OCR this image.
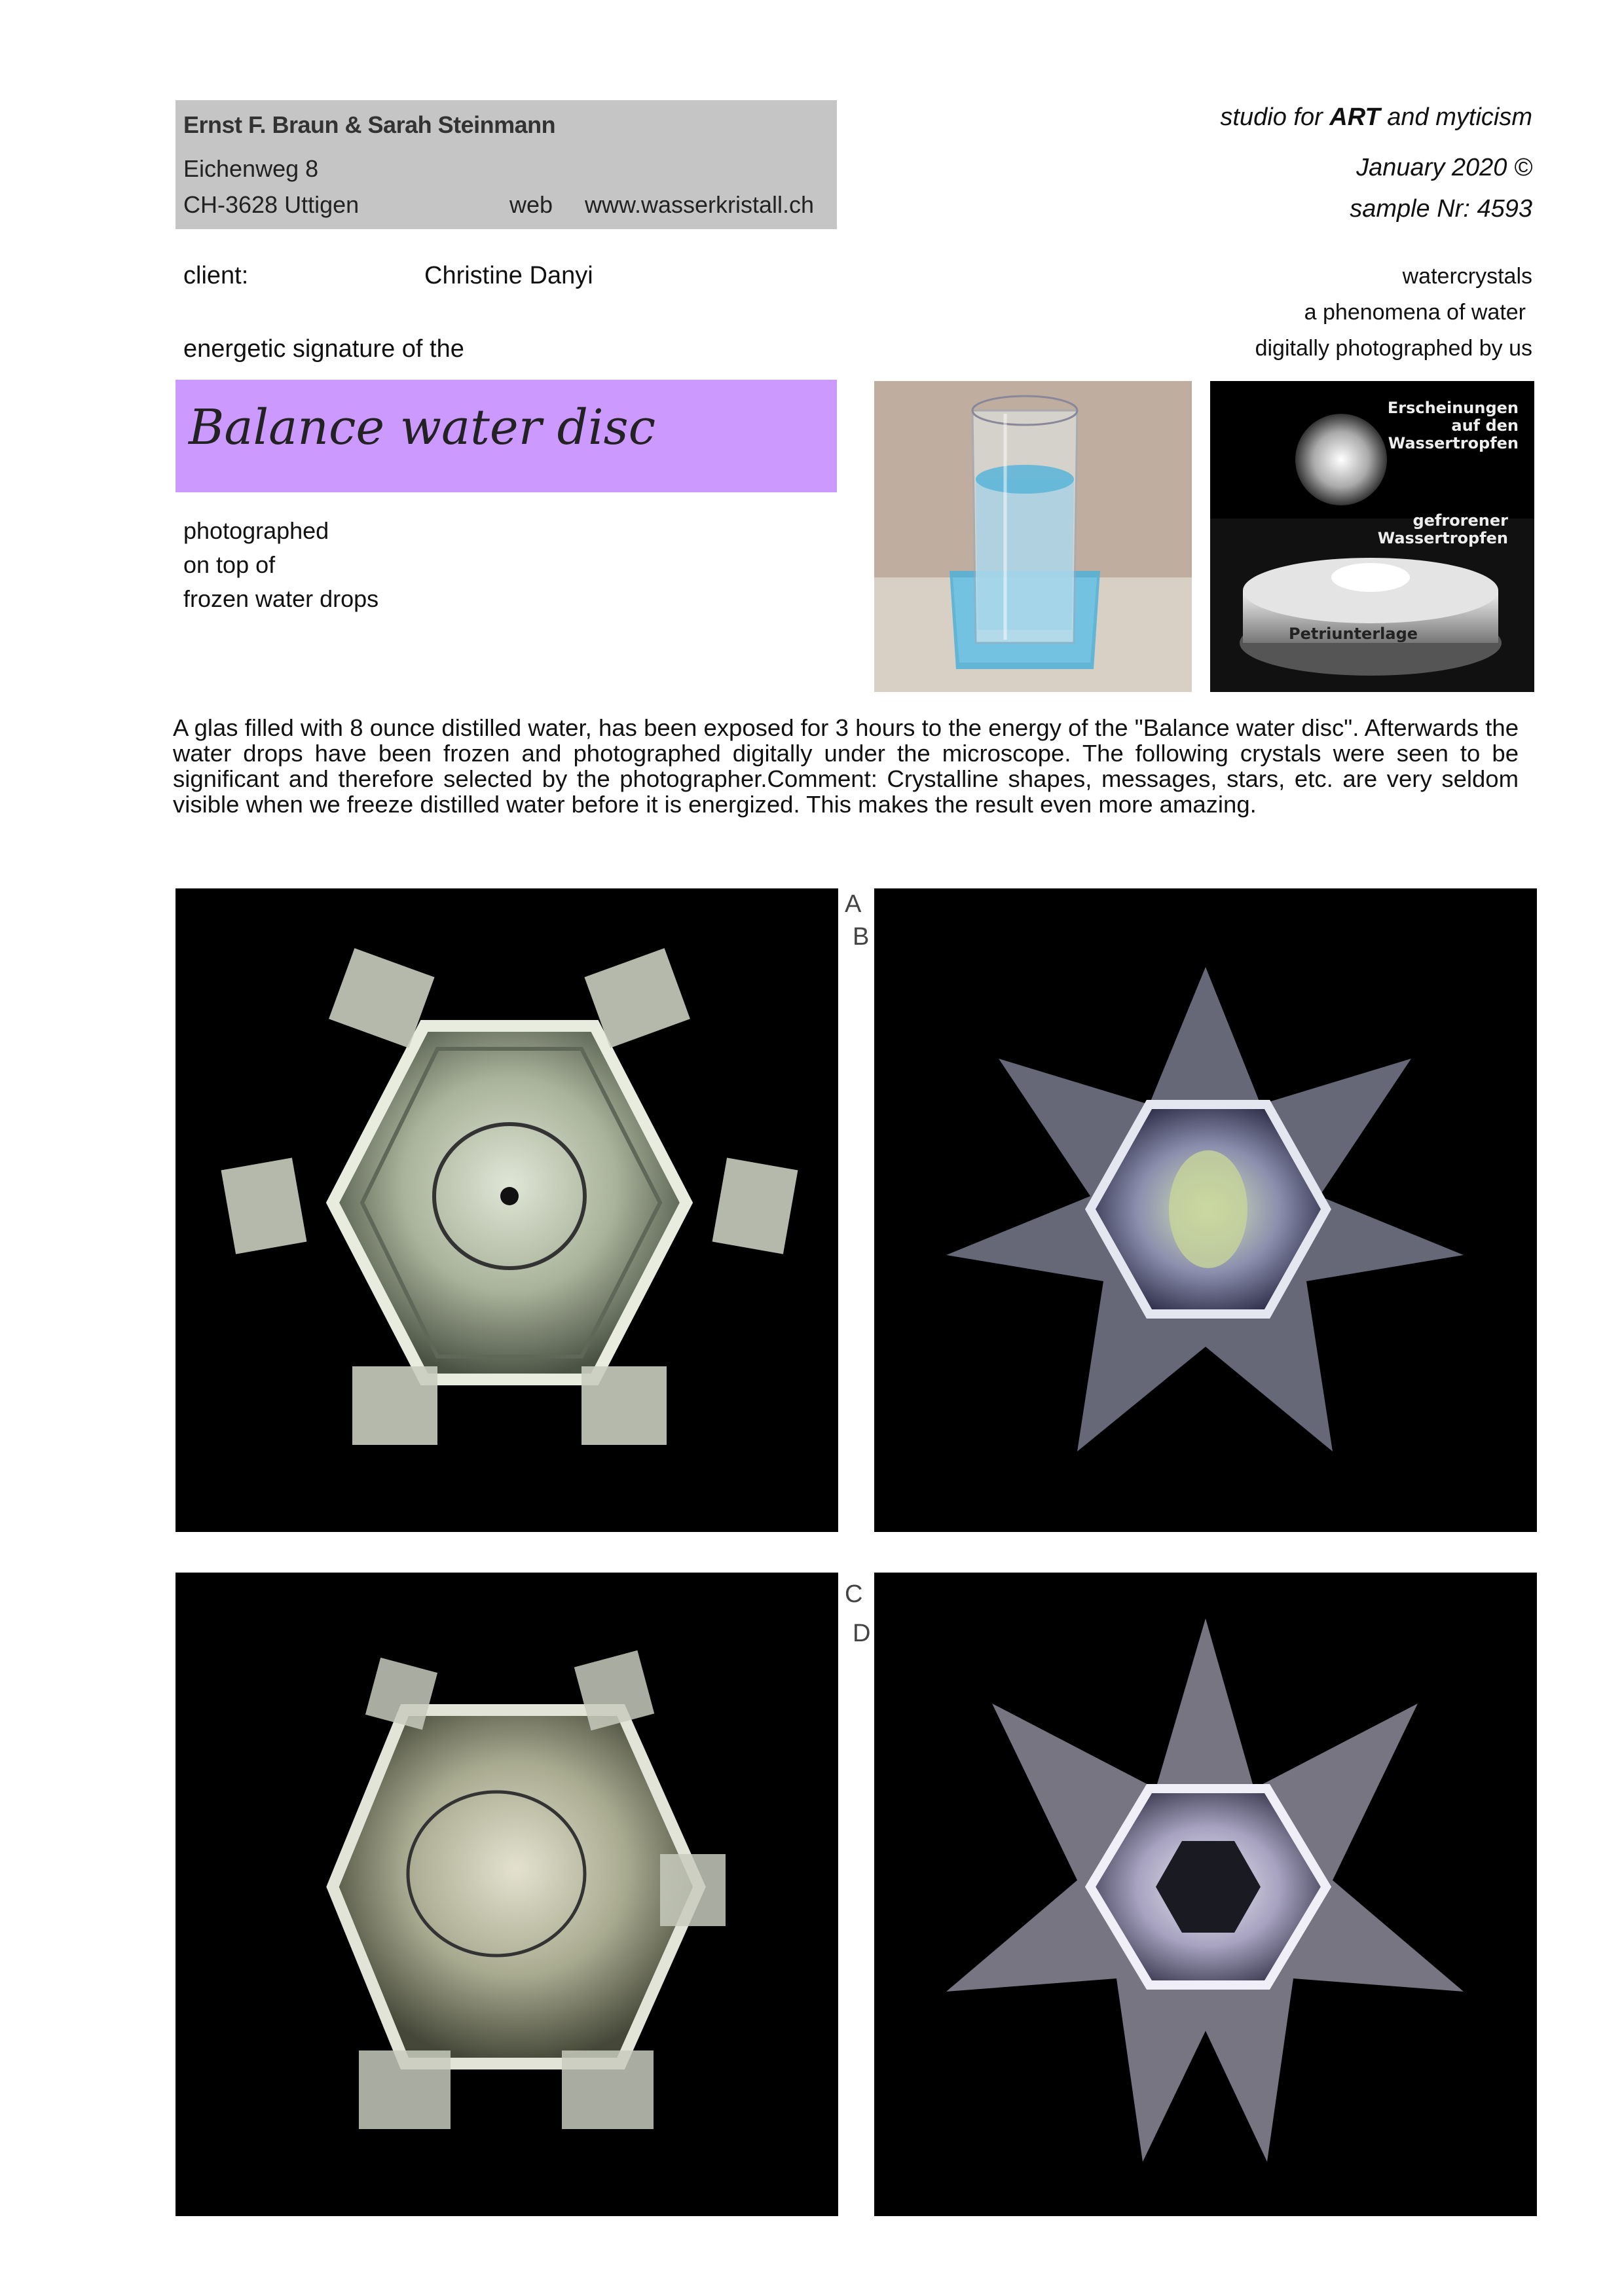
Ernst F. Braun & Sarah Steinmann
Eichenweg 8
CH-3628 Uttigen	web www.wasserkristall.ch
studio for ART and myticism
January 2020 ©
sample Nr: 4593
client:	Christine Danyi	watercrystals
a phenomena of water
digitally photographed by us
energetic signature of the
Balance water disc
photographed
on top of
frozen water drops
Erscheinungen
auf den
Wassertropfen
gefrorener
Wassertropfen
Petriunterlage
A glas filled with 8 ounce distilled water, has been exposed for 3 hours to the energy of the "Balance water disc". Afterwards the water drops have been frozen and photographed digitally under the microscope. The following crystals were seen to be significant and therefore selected by the photographer.Comment: Crystalline shapes, messages, stars, etc. are very seldom visible when we freeze distilled water before it is energized. This makes the result even more amazing.
A
B
C
D
